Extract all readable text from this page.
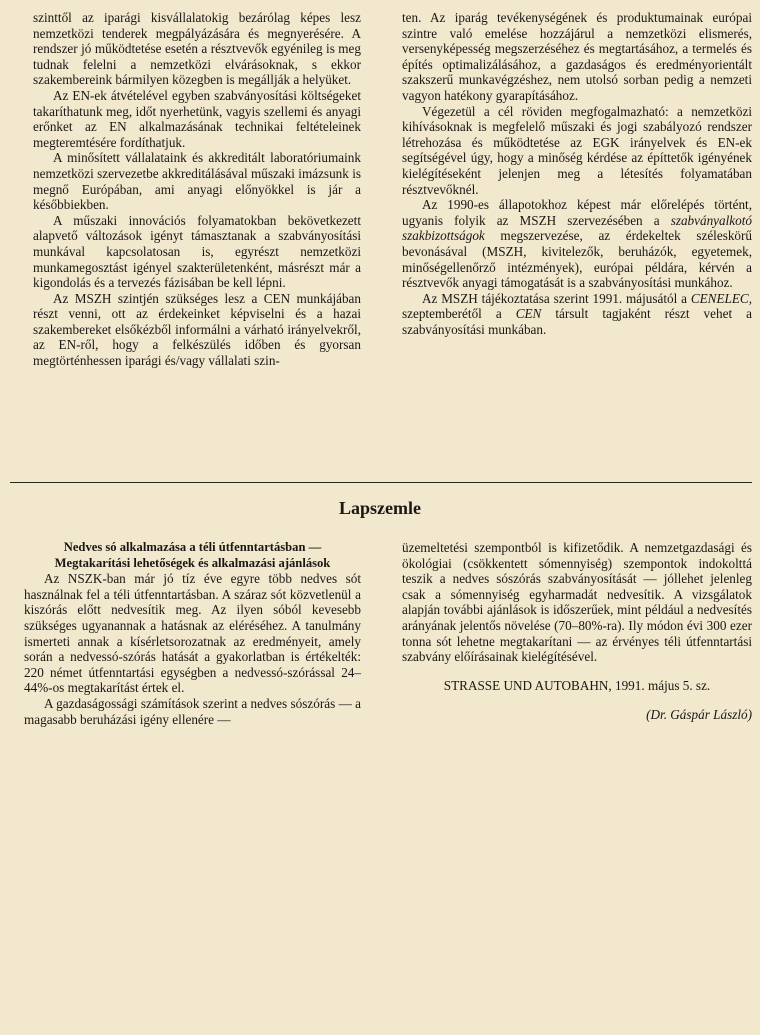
szinttől az iparági kisvállalatokig bezárólag képes lesz nemzetközi tenderek megpályázására és megnyerésére. A rendszer jó működtetése esetén a résztvevők egyénileg is meg tudnak felelni a nemzetközi elvárásoknak, s ekkor szakembereink bármilyen közegben is megállják a helyüket.

Az EN-ek átvételével egyben szabványosítási költségeket takaríthatunk meg, időt nyerhetünk, vagyis szellemi és anyagi erőnket az EN alkalmazásának technikai feltételeinek megteremtésére fordíthatjuk.

A minősített vállalataink és akkreditált laboratóriumaink nemzetközi szervezetbe akkreditálásával műszaki imázsunk is megnő Európában, ami anyagi előnyökkel is jár a későbbiekben.

A műszaki innovációs folyamatokban bekövetkezett alapvető változások igényt támasztanak a szabványosítási munkával kapcsolatosan is, egyrészt nemzetközi munkamegosztást igényel szakterületenként, másrészt már a kigondolás és a tervezés fázisában be kell lépni.

Az MSZH szintjén szükséges lesz a CEN munkájában részt venni, ott az érdekeinket képviselni és a hazai szakembereket elsőkézből informálni a várható irányelvekről, az EN-ről, hogy a felkészülés időben és gyorsan megtörténhessen iparági és/vagy vállalati szin-

ten. Az iparág tevékenységének és produktumainak európai szintre való emelése hozzájárul a nemzetközi elismerés, versenyképesség megszerzéséhez és megtartásához, a termelés és építés optimalizálásához, a gazdaságos és eredményorientált szakszerű munkavégzéshez, nem utolsó sorban pedig a nemzeti vagyon hatékony gyarapításához.

Végezetül a cél röviden megfogalmazható: a nemzetközi kihívásoknak is megfelelő műszaki és jogi szabályozó rendszer létrehozása és működtetése az EGK irányelvek és EN-ek segítségével úgy, hogy a minőség kérdése az építtetők igényének kielégítéseként jelenjen meg a létesítés folyamatában résztvevőknél.

Az 1990-es állapotokhoz képest már előrelépés történt, ugyanis folyik az MSZH szervezésében a szabványalkotó szakbizottságok megszervezése, az érdekeltek széleskörű bevonásával (MSZH, kivitelezők, beruházók, egyetemek, minőségellenőrző intézmények), európai példára, kérvén a résztvevők anyagi támogatását is a szabványosítási munkához.

Az MSZH tájékoztatása szerint 1991. májusától a CENELEC, szeptemberétől a CEN társult tagjaként részt vehet a szabványosítási munkában.

Lapszemle
Nedves só alkalmazása a téli útfenntartásban —
Megtakarítási lehetőségek és alkalmazási ajánlások

Az NSZK-ban már jó tíz éve egyre több nedves sót használnak fel a téli útfenntartásban. A száraz sót közvetlenül a kiszórás előtt nedvesítik meg. Az ilyen sóból kevesebb szükséges ugyanannak a hatásnak az eléréséhez. A tanulmány ismerteti annak a kísérletsorozatnak az eredményeit, amely során a nedvessó-szórás hatását a gyakorlatban is értékelték: 220 német útfenntartási egységben a nedvessó-szórással 24–44%-os megtakarítást értek el.

A gazdaságossági számítások szerint a nedves sószórás — a magasabb beruházási igény ellenére —

üzemeltetési szempontból is kifizetődik. A nemzetgazdasági és ökológiai (csökkentett sómennyiség) szempontok indokolttá teszik a nedves sószórás szabványosítását — jóllehet jelenleg csak a sómennyiség egyharmadát nedvesítik. A vizsgálatok alapján további ajánlások is időszerűek, mint például a nedvesítés arányának jelentős növelése (70–80%-ra). Ily módon évi 300 ezer tonna sót lehetne megtakarítani — az érvényes téli útfenntartási szabvány előírásainak kielégítésével.

STRASSE UND AUTOBAHN, 1991. május 5. sz.

(Dr. Gáspár László)
